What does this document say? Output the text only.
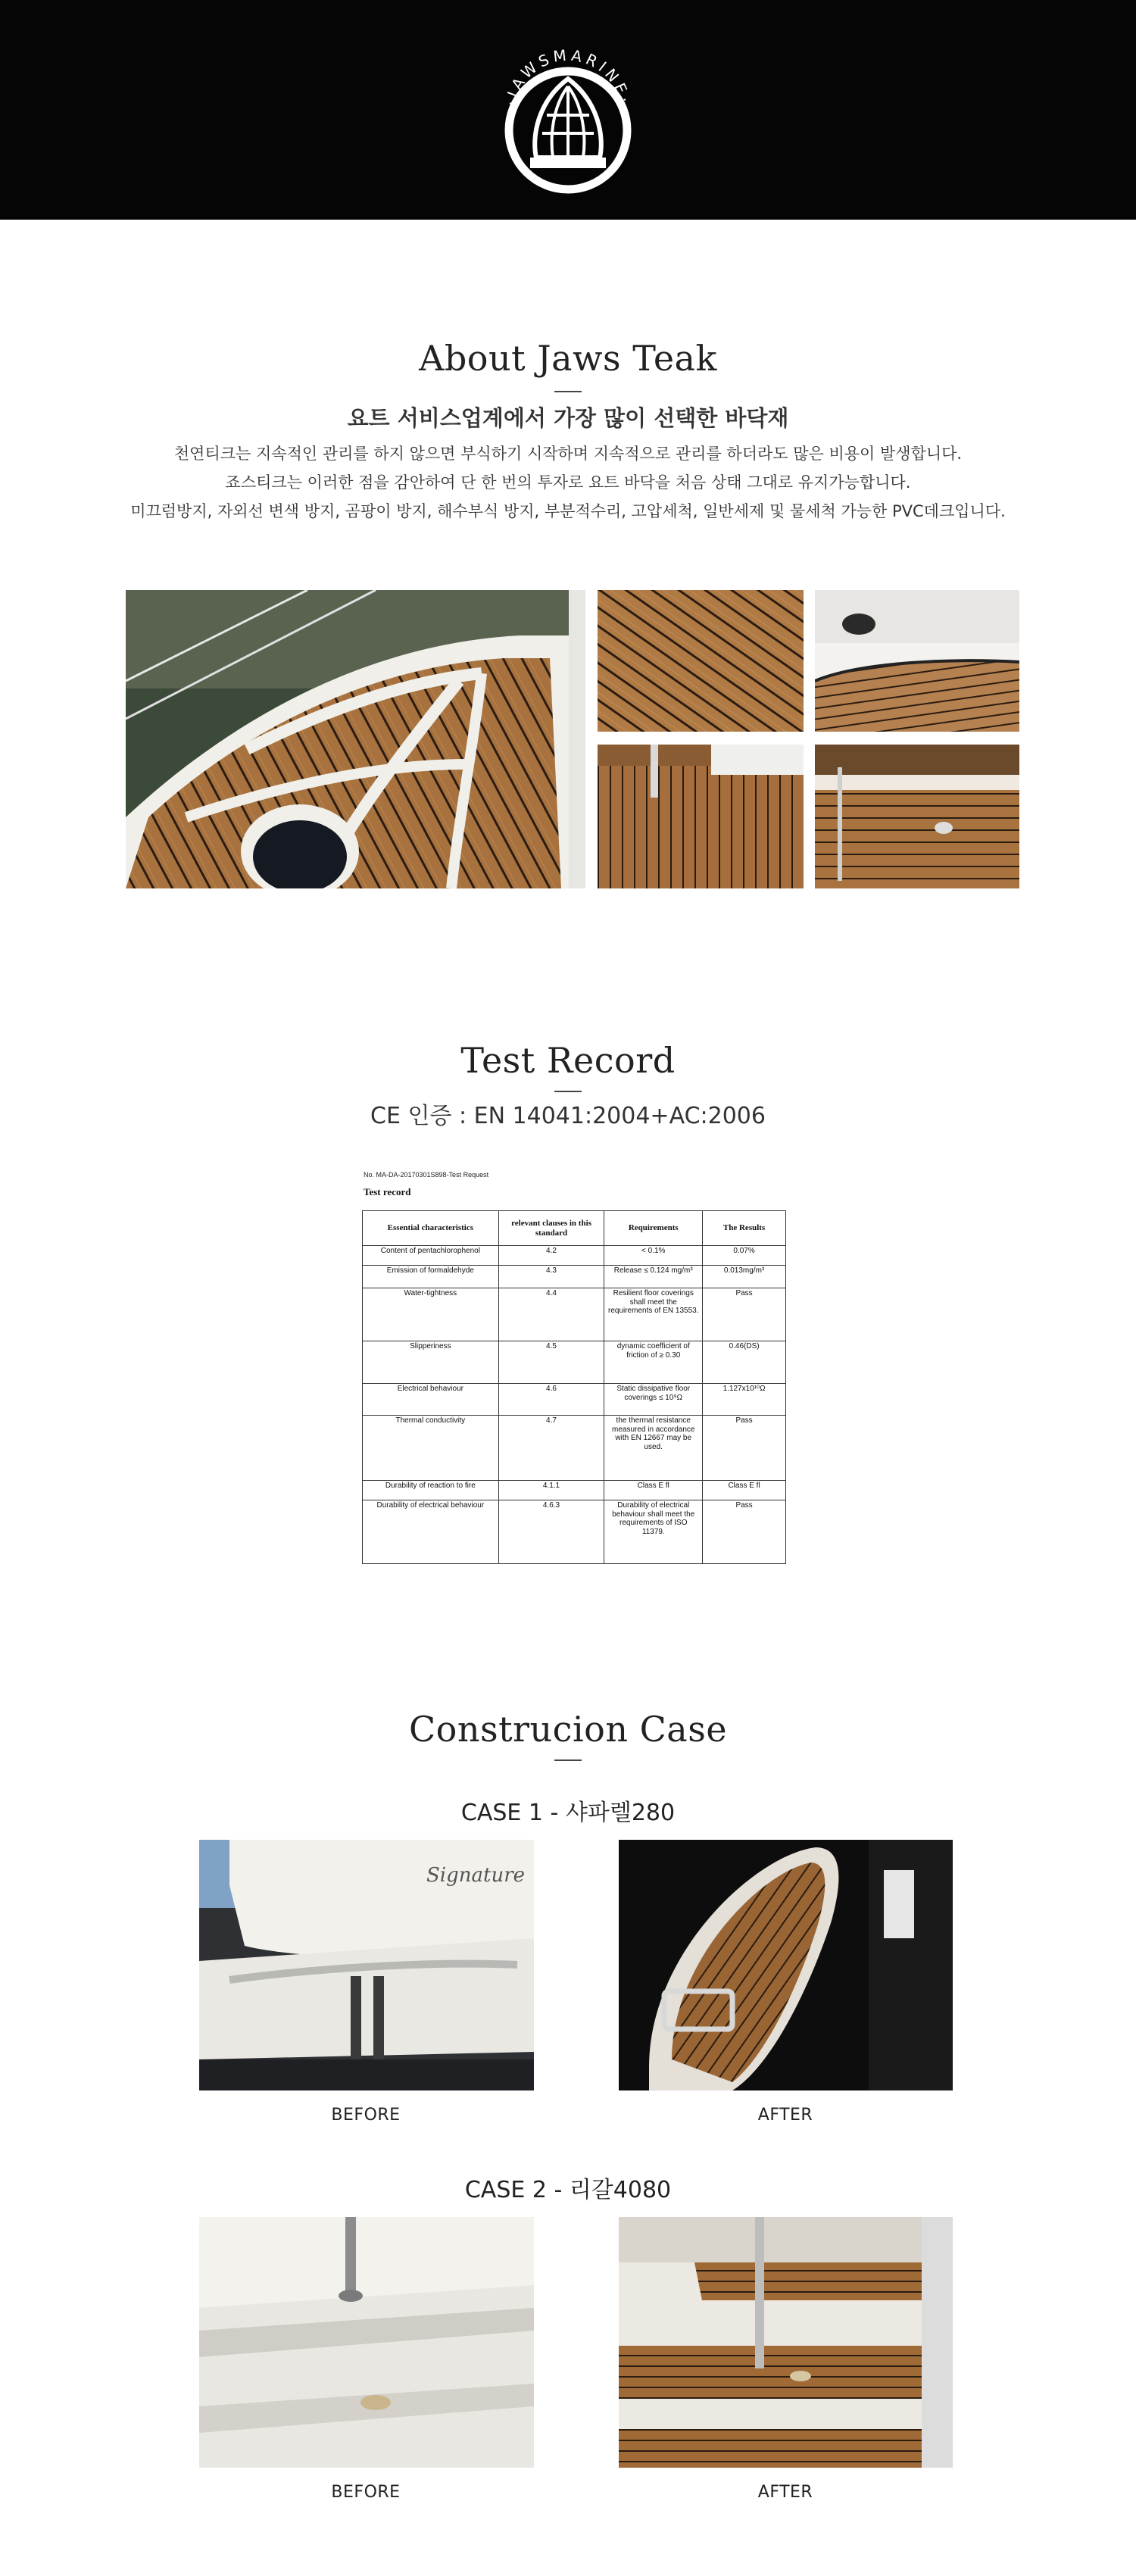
·JAWSMARINE·
About Jaws Teak
요트 서비스업계에서 가장 많이 선택한 바닥재
천연티크는 지속적인 관리를 하지 않으면 부식하기 시작하며 지속적으로 관리를 하더라도 많은 비용이 발생합니다.
죠스티크는 이러한 점을 감안하여 단 한 번의 투자로 요트 바닥을 처음 상태 그대로 유지가능합니다.
미끄럼방지, 자외선 변색 방지, 곰팡이 방지, 해수부식 방지, 부분적수리, 고압세척, 일반세제 및 물세척 가능한 PVC데크입니다.
Test Record
CE 인증 : EN 14041:2004+AC:2006
No. MA-DA-20170301S898-Test Request
Test record
Essential characteristics	relevant clauses in this standard	Requirements	The Results
Content of pentachlorophenol	4.2	< 0.1%	0.07%
Emission of formaldehyde	4.3	Release ≤ 0.124 mg/m³	0.013mg/m³
Water-tightness	4.4	Resilient floor coverings shall meet the requirements of EN 13553.	Pass
Slipperiness	4.5	dynamic coefficient of friction of ≥ 0.30	0.46(DS)
Electrical behaviour	4.6	Static dissipative floor coverings ≤ 10⁹Ω	1.127x10¹⁰Ω
Thermal conductivity	4.7	the thermal resistance measured in accordance with EN 12667 may be used.	Pass
Durability of reaction to fire	4.1.1	Class E fl	Class E fl
Durability of electrical behaviour	4.6.3	Durability of electrical behaviour shall meet the requirements of ISO 11379.	Pass
Construcion Case
CASE 1 - 샤파렐280
Signature
BEFORE	AFTER
CASE 2 - 리갈4080
BEFORE	AFTER
